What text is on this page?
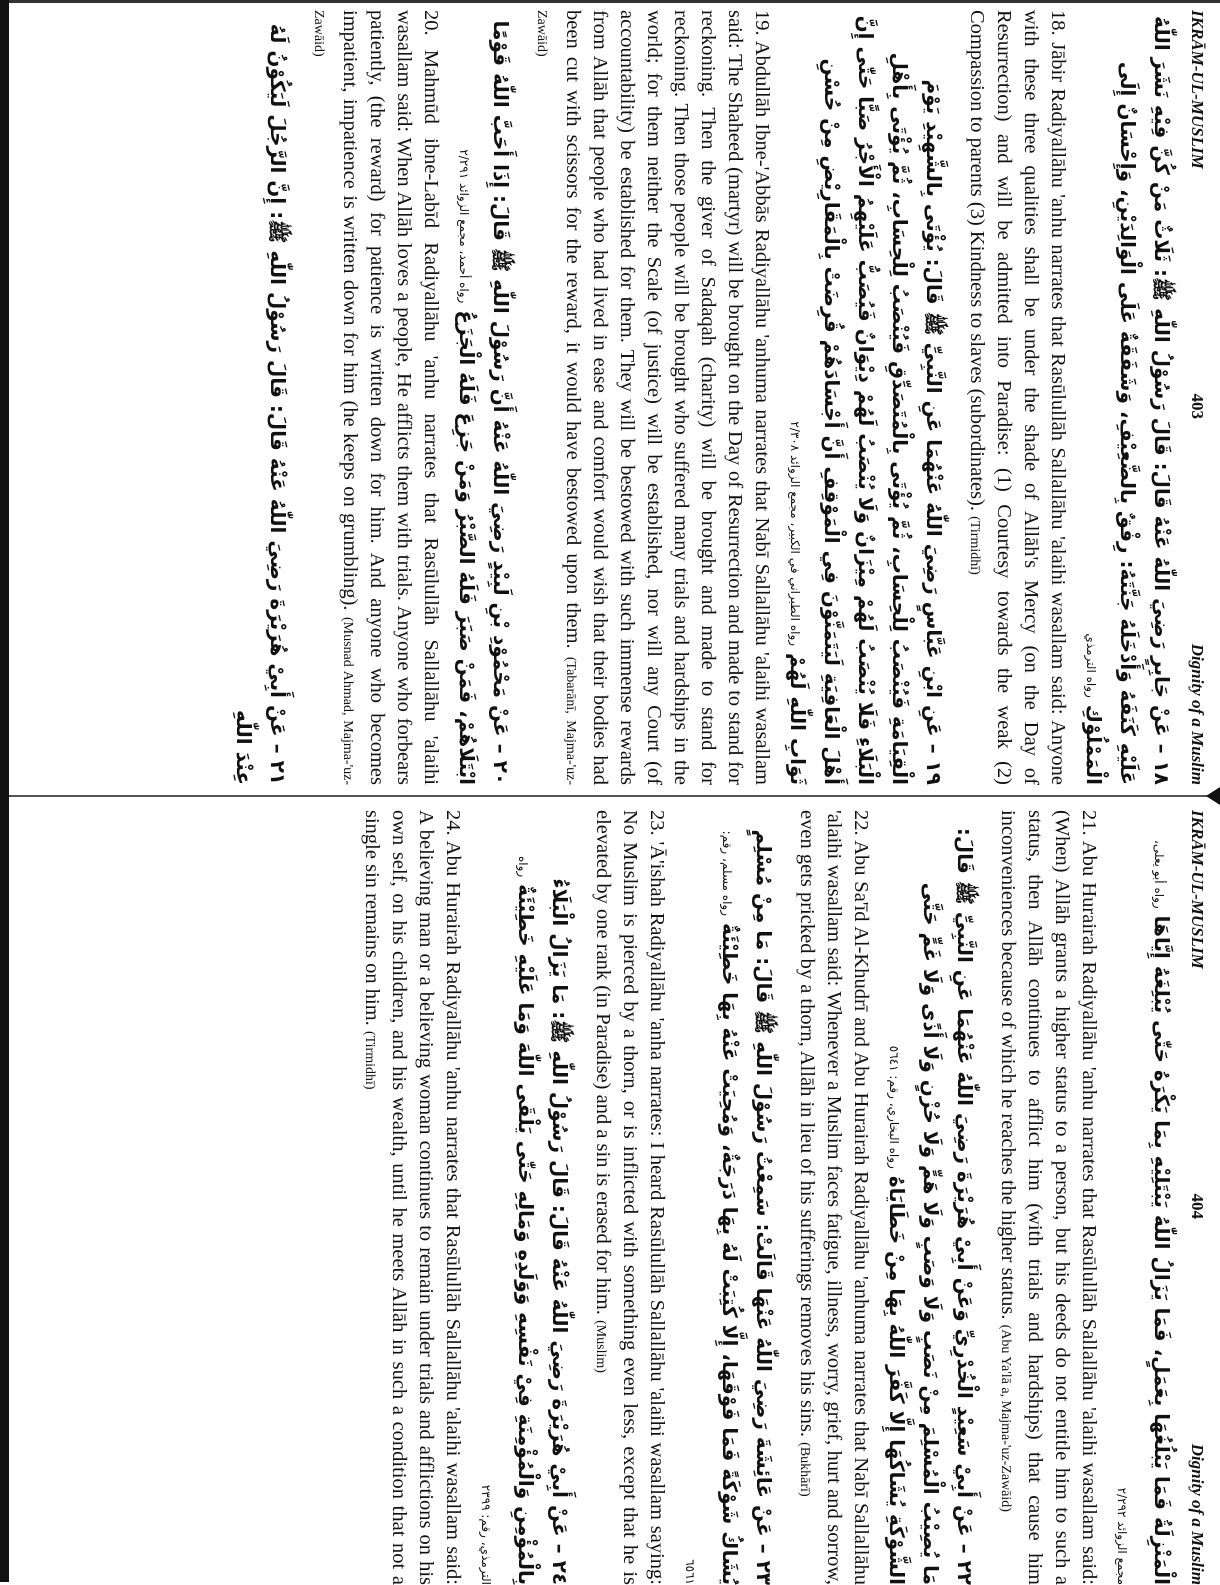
IKRĀM-UL-MUSLIM
403
Dignity of a Muslim
١٨ – عَنْ جَابِرٍ رَضِيَ اللّٰهُ عَنْهُ قَالَ: قَالَ رَسُوْلُ اللّٰهِ ﷺ: ثَلَاثٌ مَنْ كُنَّ فِيْهِ نَشَرَ اللّٰهُ عَلَيْهِ كَنَفَهُ وَأَدْخَلَهُ جَنَّتَهُ: رِفْقٌ بِالضَّعِيْفِ، وَشَفَقَةٌ عَلَى الْوَالِدَيْنِ، وَإِحْسَانٌ إِلَى الْمَمْلُوْكِ رواه الترمذي
18. Jābir Radiyallāhu 'anhu narrates that Rasūlullāh Sallallāhu 'alaihi wasallam said: Anyone with these three qualities shall be under the shade of Allāh's Mercy (on the Day of Resurrection) and will be admitted into Paradise: (1) Courtesy towards the weak (2) Compassion to parents (3) Kindness to slaves (subordinates). (Tirmidhī)
١٩ – عَنِ ابْنِ عَبَّاسٍ رَضِيَ اللّٰهُ عَنْهُمَا عَنِ النَّبِيِّ ﷺ قَالَ: يُؤْتَى بِالشَّهِيْدِ يَوْمَ الْقِيَامَةِ فَيُنْصَبُ لِلْحِسَابِ، ثُمَّ يُؤْتَى بِالْمُتَصَدِّقِ فَيُنْصَبُ لِلْحِسَابِ، ثُمَّ يُؤْتَى بِأَهْلِ الْبَلَاءِ فَلَا يُنْصَبُ لَهُمْ مِيْزَانٌ وَلَا يُنْصَبُ لَهُمْ دِيْوَانٌ فَيُصَبُّ عَلَيْهِمُ الْأَجْرُ صَبًّا حَتّٰى إِنَّ أَهْلَ الْعَافِيَةِ لَيَتَمَنَّوْنَ فِي الْمَوْقِفِ أَنَّ أَجْسَادَهُمْ قُرِضَتْ بِالْمَقَارِيْضِ مِنْ حُسْنِ ثَوَابِ اللّٰهِ لَهُمْ رواه الطبراني في الكبير، مجمع الزوائد ٢/٣٠٨
19. Abdullāh Ibne-'Abbās Radiyallāhu 'anhuma narrates that Nabī Sallallāhu 'alaihi wasallam said: The Shaheed (martyr) will be brought on the Day of Resurrection and made to stand for reckoning. Then the giver of Sadaqah (charity) will be brought and made to stand for reckoning. Then those people will be brought who suffered many trials and hardships in the world; for them neither the Scale (of justice) will be established, nor will any Court (of accountability) be established for them. They will be bestowed with such immense rewards from Allāh that people who had lived in ease and comfort would wish that their bodies had been cut with scissors for the reward, it would have bestowed upon them. (Tabarānī, Majma-'uz-Zawāid)
٢٠ – عَنْ مَحْمُوْدِ بْنِ لَبِيْدٍ رَضِيَ اللّٰهُ عَنْهُ أَنَّ رَسُوْلَ اللّٰهِ ﷺ قَالَ: إِذَا أَحَبَّ اللّٰهُ قَوْمًا ابْتَلَاهُمْ، فَمَنْ صَبَرَ فَلَهُ الصَّبْرُ وَمَنْ جَزِعَ فَلَهُ الْجَزَعُ رواه أحمد، مجمع الزوائد ٢/٢٩١
20. Mahmūd ibne-Labīd Radiyallāhu 'anhu narrates that Rasūlullāh Sallallāhu 'alaihi wasallam said: When Allāh loves a people, He afflicts them with trials. Anyone who forbears patiently, (the reward) for patience is written down for him. And anyone who becomes impatient, impatience is written down for him (he keeps on grumbling). (Musnad Ahmad, Majma-'uz-Zawāid)
٢١ – عَنْ أَبِيْ هُرَيْرَةَ رَضِيَ اللّٰهُ عَنْهُ قَالَ: قَالَ رَسُوْلُ اللّٰهِ ﷺ: إِنَّ الرَّجُلَ لَيَكُوْنُ لَهُ عِنْدَ اللّٰهِ
IKRĀM-UL-MUSLIM
404
Dignity of a Muslim
الْمَنْزِلَةُ فَمَا يَبْلُغُهَا بِعَمَلٍ، فَمَا يَزَالُ اللّٰهُ يَبْتَلِيْهِ بِمَا يَكْرَهُ حَتّٰى يُبْلِغَهُ إِيَّاهَا رواه أبو يعلى، مجمع الزوائد ٢/٢٩٢
21. Abu Hurairah Radiyallāhu 'anhu narrates that Rasūlullāh Sallallāhu 'alaihi wasallam said: (When) Allāh grants a higher status to a person, but his deeds do not entitle him to such a status, then Allāh continues to afflict him (with trials and hardships) that cause him inconveniences because of which he reaches the higher status. (Abu Ya'lā a, Majma-'uz-Zawāid)
٢٢ – عَنْ أَبِيْ سَعِيْدٍ الْخُدْرِيِّ وَعَنْ أَبِيْ هُرَيْرَةَ رَضِيَ اللّٰهُ عَنْهُمَا عَنِ النَّبِيِّ ﷺ قَالَ: مَا يُصِيْبُ الْمُسْلِمَ مِنْ نَصَبٍ وَلَا وَصَبٍ وَلَا هَمٍّ وَلَا حُزْنٍ وَلَا أَذًى وَلَا غَمٍّ حَتَّى الشَّوْكَةِ يُشَاكُهَا إِلَّا كَفَّرَ اللّٰهُ بِهَا مِنْ خَطَايَاهُ رواه البخاري، رقم: ٥٦٤١
22. Abu Sa'īd Al-Khudrī and Abu Hurairah Radiyallāhu 'anhuma narrates that Nabī Sallallāhu 'alaihi wasallam said: Whenever a Muslim faces fatigue, illness, worry, grief, hurt and sorrow, even gets pricked by a thorn, Allāh in lieu of his sufferings removes his sins. (Bukhārī)
٢٣ – عَنْ عَائِشَةَ رَضِيَ اللّٰهُ عَنْهَا قَالَتْ: سَمِعْتُ رَسُوْلَ اللّٰهِ ﷺ قَالَ: مَا مِنْ مُسْلِمٍ يُشَاكُ شَوْكَةً فَمَا فَوْقَهَا، إِلَّا كُتِبَتْ لَهُ بِهَا دَرَجَةٌ، وَمُحِيَتْ عَنْهُ بِهَا خَطِيْئَةٌ رواه مسلم، رقم: ٦٥٦١
23. 'Ā'ishah Radiyallāhu 'anha narrates: I heard Rasūlullāh Sallallāhu 'alaihi wasallam saying: No Muslim is pierced by a thorn, or is inflicted with something even less, except that he is elevated by one rank (in Paradise) and a sin is erased for him. (Muslim)
٢٤ – عَنْ أَبِيْ هُرَيْرَةَ رَضِيَ اللّٰهُ عَنْهُ قَالَ: قَالَ رَسُوْلُ اللّٰهِ ﷺ: مَا يَزَالُ الْبَلَاءُ بِالْمُؤْمِنِ وَالْمُؤْمِنَةِ فِيْ نَفْسِهِ وَوَلَدِهِ وَمَالِهِ حَتّٰى يَلْقَى اللّٰهَ وَمَا عَلَيْهِ خَطِيْئَةٌ رواه الترمذي، رقم: ٢٣٩٩
24. Abu Hurairah Radiyallāhu 'anhu narrates that Rasūlullāh Sallallāhu 'alaihi wasallam said: A believing man or a believing woman continues to remain under trials and afflictions on his own self, on his children, and his wealth, until he meets Allāh in such a condition that not a single sin remains on him. (Tirmidhī)
